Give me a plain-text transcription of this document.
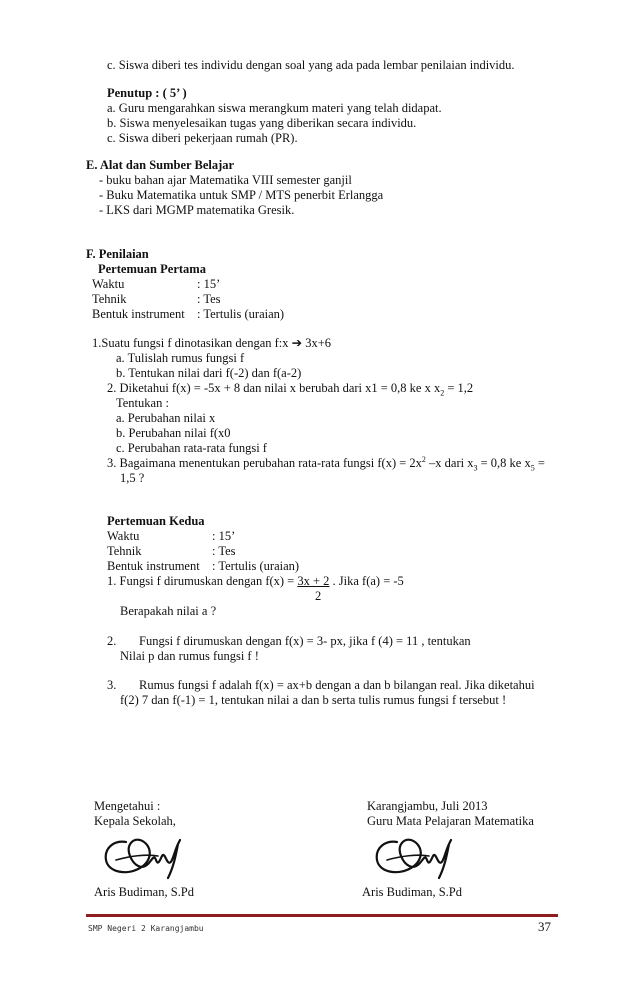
c. Siswa diberi tes individu dengan soal yang ada pada lembar penilaian individu.
Penutup : ( 5’ )
a. Guru mengarahkan siswa merangkum materi yang telah didapat.
b. Siswa menyelesaikan tugas yang diberikan secara individu.
c. Siswa diberi pekerjaan rumah (PR).
E. Alat dan Sumber Belajar
- buku bahan ajar Matematika VIII semester ganjil
- Buku Matematika untuk SMP / MTS penerbit Erlangga
- LKS dari MGMP matematika Gresik.
F. Penilaian
Pertemuan Pertama
Waktu	: 15’
Tehnik	: Tes
Bentuk instrument : Tertulis (uraian)
1.Suatu fungsi f dinotasikan dengan f:x ➔ 3x+6
a. Tulislah rumus fungsi f
b. Tentukan nilai dari f(-2) dan f(a-2)
2. Diketahui f(x) = -5x + 8 dan nilai x berubah dari x1 = 0,8 ke x $x_2 = 1,2$
Tentukan :
a. Perubahan nilai x
b. Perubahan nilai f(x0
c. Perubahan rata-rata fungsi f
3. Bagaimana menentukan perubahan rata-rata fungsi $f(x) = 2x^2$ –x dari $x_3 = 0,8$ ke $x_5$ =
1,5 ?
Pertemuan Kedua
Waktu	: 15’
Tehnik	: Tes
Bentuk instrument : Tertulis (uraian)
1. Fungsi f dirumuskan dengan f(x) = 3x + 2 . Jika f(a) = -5
2
Berapakah nilai a ?
2. Fungsi f dirumuskan dengan f(x) = 3- px, jika f (4) = 11 , tentukan
Nilai p dan rumus fungsi f !
3. Rumus fungsi f adalah f(x) = ax+b dengan a dan b bilangan real. Jika diketahui
f(2) 7 dan f(-1) = 1, tentukan nilai a dan b serta tulis rumus fungsi f tersebut !
Mengetahui :
Kepala Sekolah,
Karangjambu, Juli 2013
Guru Mata Pelajaran Matematika
Aris Budiman, S.Pd	Aris Budiman, S.Pd
SMP Negeri 2 Karangjambu	37
